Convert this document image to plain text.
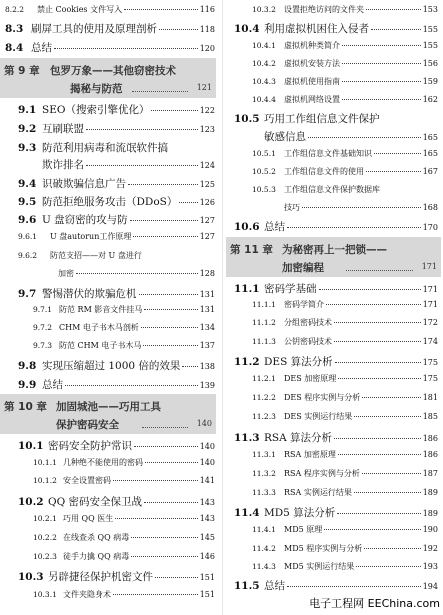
8.2.2	禁止 Cookies 文件写入	116
8.3 刷屏工具的使用及原理剖析	118
8.4 总结	120
第 9 章 包罗万象——其他窃密技术
揭秘与防范	121
9.1 SEO（搜索引擎优化）	122
9.2 互刷联盟	123
9.3 防范利用病毒和流氓软件搞
欺诈排名	124
9.4 识破欺骗信息广告	125
9.5 防范拒绝服务攻击（DDoS）	126
9.6 U 盘窃密的攻与防	127
9.6.1	U 盘autorun工作原理	127
9.6.2	防范支招——对 U 盘进行
加密	128
9.7 警惕潜伏的欺骗危机	131
9.7.1 防范 RM 影音文件挂马	131
9.7.2 CHM 电子书木马剖析	134
9.7.3 防范 CHM 电子书木马	137
9.8 实现压缩超过 1000 倍的效果 138
9.9 总结	139
第 10 章 加固城池——巧用工具
保护密码安全	140
10.1 密码安全防护常识	140
10.1.1 几种绝不能使用的密码	140
10.1.2 安全设置密码	141
10.2 QQ 密码安全保卫战	143
10.2.1 巧用 QQ 医生	143
10.2.2 在线查杀 QQ 病毒	145
10.2.3 徒手力擒 QQ 病毒	146
10.3 另辟捷径保护机密文件	151
10.3.1 文件夹隐身术	151
10.3.2	设置拒绝访问的文件夹	153
10.4 利用虚拟机困住入侵者	155
10.4.1	虚拟机种类简介	155
10.4.2	虚拟机安装方法	156
10.4.3	虚拟机使用指南	159
10.4.4	虚拟机网络设置	162
10.5 巧用工作组信息文件保护
敏感信息	165
10.5.1	工作组信息文件基础知识	165
10.5.2	工作组信息文件的使用	167
10.5.3	工作组信息文件保护数据库
技巧	168
10.6 总结	170
第 11 章 为秘密再上一把锁——
加密编程	171
11.1 密码学基础	171
11.1.1	密码学简介	171
11.1.2	分组密码技术	172
11.1.3	公钥密码技术	174
11.2 DES 算法分析	175
11.2.1	DES 加密原理	175
11.2.2	DES 程序实例与分析	181
11.2.3	DES 实例运行结果	185
11.3 RSA 算法分析	186
11.3.1	RSA 加密原理	186
11.3.2	RSA 程序实例与分析	187
11.3.3	RSA 实例运行结果	189
11.4 MD5 算法分析	189
11.4.1	MD5 原理	190
11.4.2	MD5 程序实例与分析	192
11.4.3	MD5 实例运行结果	193
11.5 总结	194
电子工程网 EEChina.com
